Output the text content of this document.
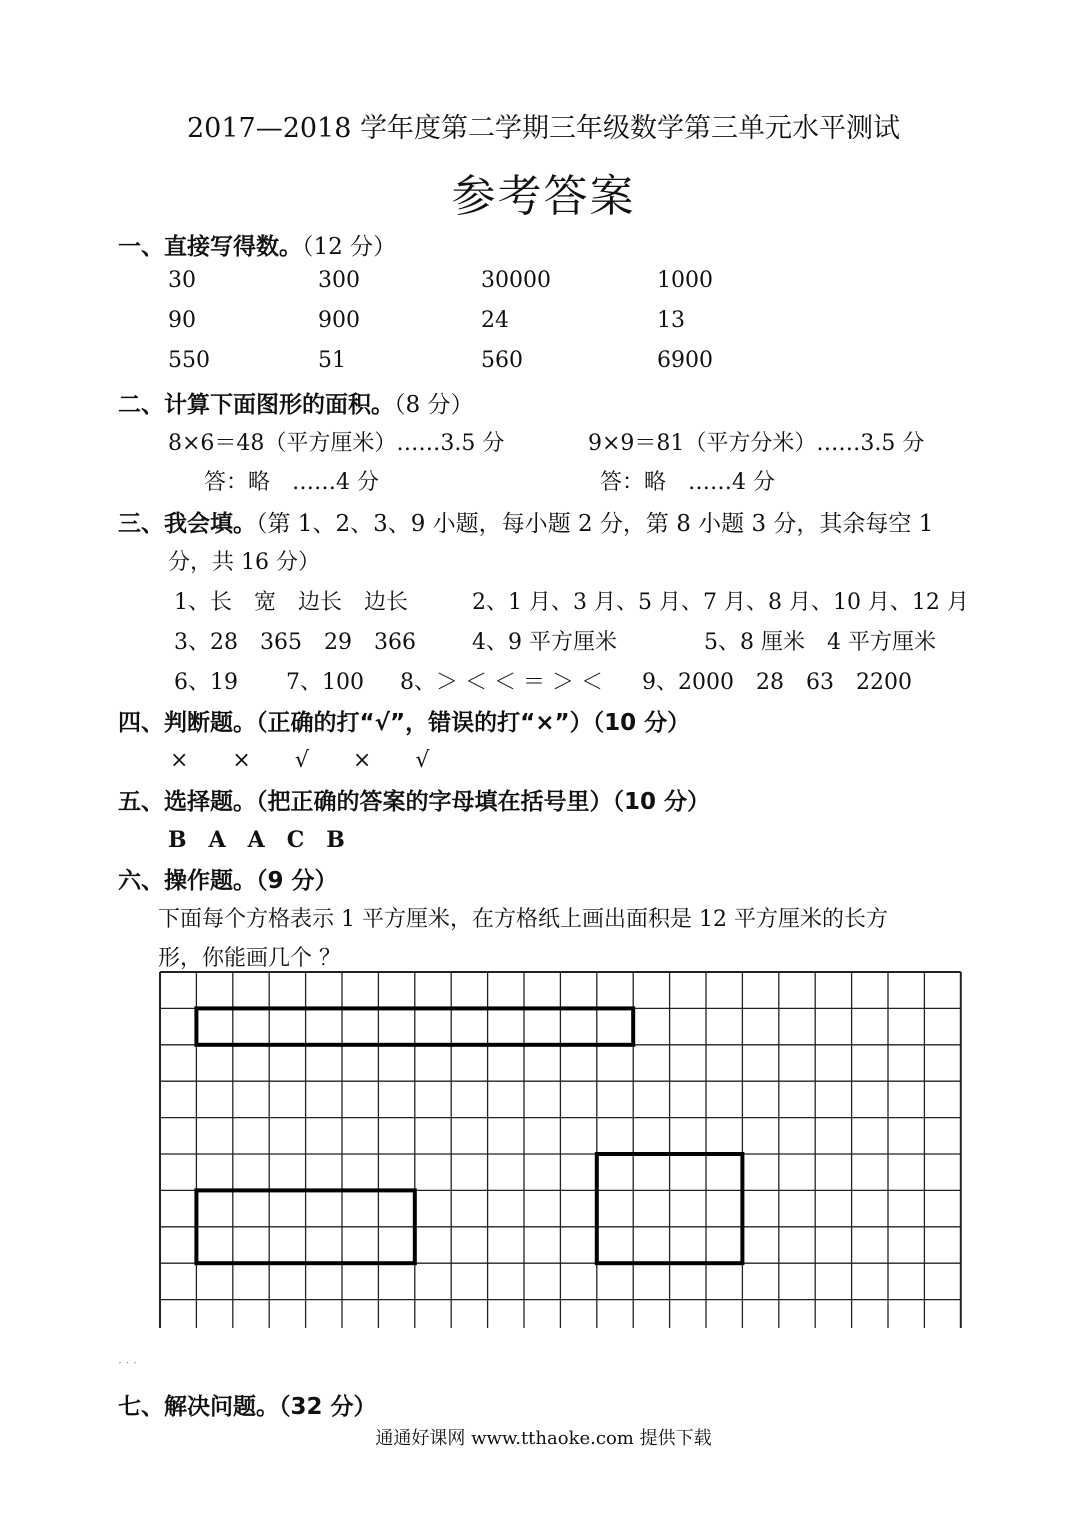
2017—2018 学年度第二学期三年级数学第三单元水平测试
参考答案
一、直接写得数。（12 分）
30	300	30000	1000
90	900	24	13
550	51	560	6900
二、计算下面图形的面积。（8 分）
8×6＝48（平方厘米）……3.5 分	9×9＝81（平方分米）……3.5 分
答：略　……4 分	答：略　……4 分
三、我会填。（第 1、2、3、9 小题，每小题 2 分，第 8 小题 3 分，其余每空 1
分，共 16 分）
1、长　宽　边长　边长	2、1 月、3 月、5 月、7 月、8 月、10 月、12 月
3、28　365　29　366	4、9 平方厘米	5、8 厘米　4 平方厘米
6、19 7、100 8、＞ ＜ ＜ ＝ ＞ ＜ 9、2000　28　63　2200
四、判断题。（正确的打“√”，错误的打“×”）（10 分）
×　　×　　√　　×　　√
五、选择题。（把正确的答案的字母填在括号里）（10 分）
B　A　A　C　B
六、操作题。（9 分）
下面每个方格表示 1 平方厘米，在方格纸上画出面积是 12 平方厘米的长方
形，你能画几个 ？
· · ·
七、解决问题。（32 分）
通通好课网 www.tthaoke.com 提供下载
